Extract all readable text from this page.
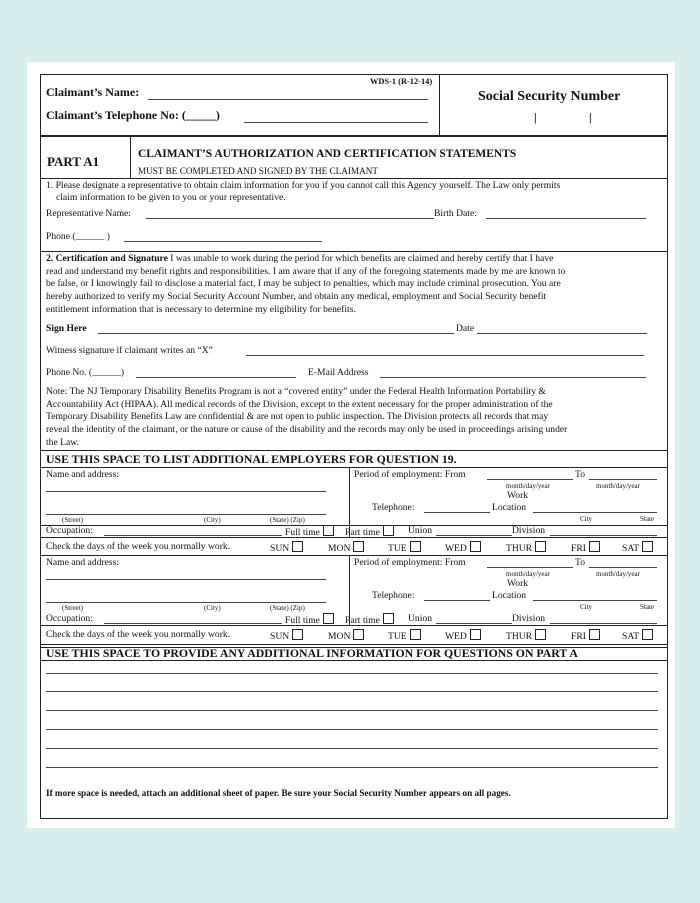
WDS-1 (R-12-14)
Claimant’s Name:
Claimant’s Telephone No: (_____)
Social Security Number
|	|
PART A1	CLAIMANT’S AUTHORIZATION AND CERTIFICATION STATEMENTS
MUST BE COMPLETED AND SIGNED BY THE CLAIMANT
1. Please designate a representative to obtain claim information for you if you cannot call this Agency yourself. The Law only permits
claim information to be given to you or your representative.
Representative Name:	Birth Date:
Phone (______ )
2. Certification and Signature I was unable to work during the period for which benefits are claimed and hereby certify that I have
read and understand my benefit rights and responsibilities. I am aware that if any of the foregoing statements made by me are known to
be false, or I knowingly fail to disclose a material fact, I may be subject to penalties, which may include criminal prosecution. You are
hereby authorized to verify my Social Security Account Number, and obtain any medical, employment and Social Security benefit
entitlement information that is necessary to determine my eligibility for benefits.
Sign Here	Date
Witness signature if claimant writes an “X”
Phone No. (______)	E-Mail Address
Note: The NJ Temporary Disability Benefits Program is not a “covered entity” under the Federal Health Information Portability &
Accountability Act (HIPAA). All medical records of the Division, except to the extent necessary for the proper administration of the
Temporary Disability Benefits Law are confidential & are not open to public inspection. The Division protects all records that may
reveal the identity of the claimant, or the nature or cause of the disability and the records may only be used in proceedings arising under
the Law.
USE THIS SPACE TO LIST ADDITIONAL EMPLOYERS FOR QUESTION 19.
Name and address:
(Street)	(City)	(State) (Zip)
Period of employment: From	To
month/day/year	month/day/year
Work
Telephone:	Location
City	State
Occupation:	Full time	Part time	Union	Division
Check the days of the week you normally work.	SUN	MON	TUE	WED	THUR	FRI	SAT
Name and address:
(Street)	(City)	(State) (Zip)
Period of employment: From	To
month/day/year	month/day/year
Work
Telephone:	Location
City	State
Occupation:	Full time	Part time	Union	Division
Check the days of the week you normally work.	SUN	MON	TUE	WED	THUR	FRI	SAT
USE THIS SPACE TO PROVIDE ANY ADDITIONAL INFORMATION FOR QUESTIONS ON PART A
If more space is needed, attach an additional sheet of paper. Be sure your Social Security Number appears on all pages.
